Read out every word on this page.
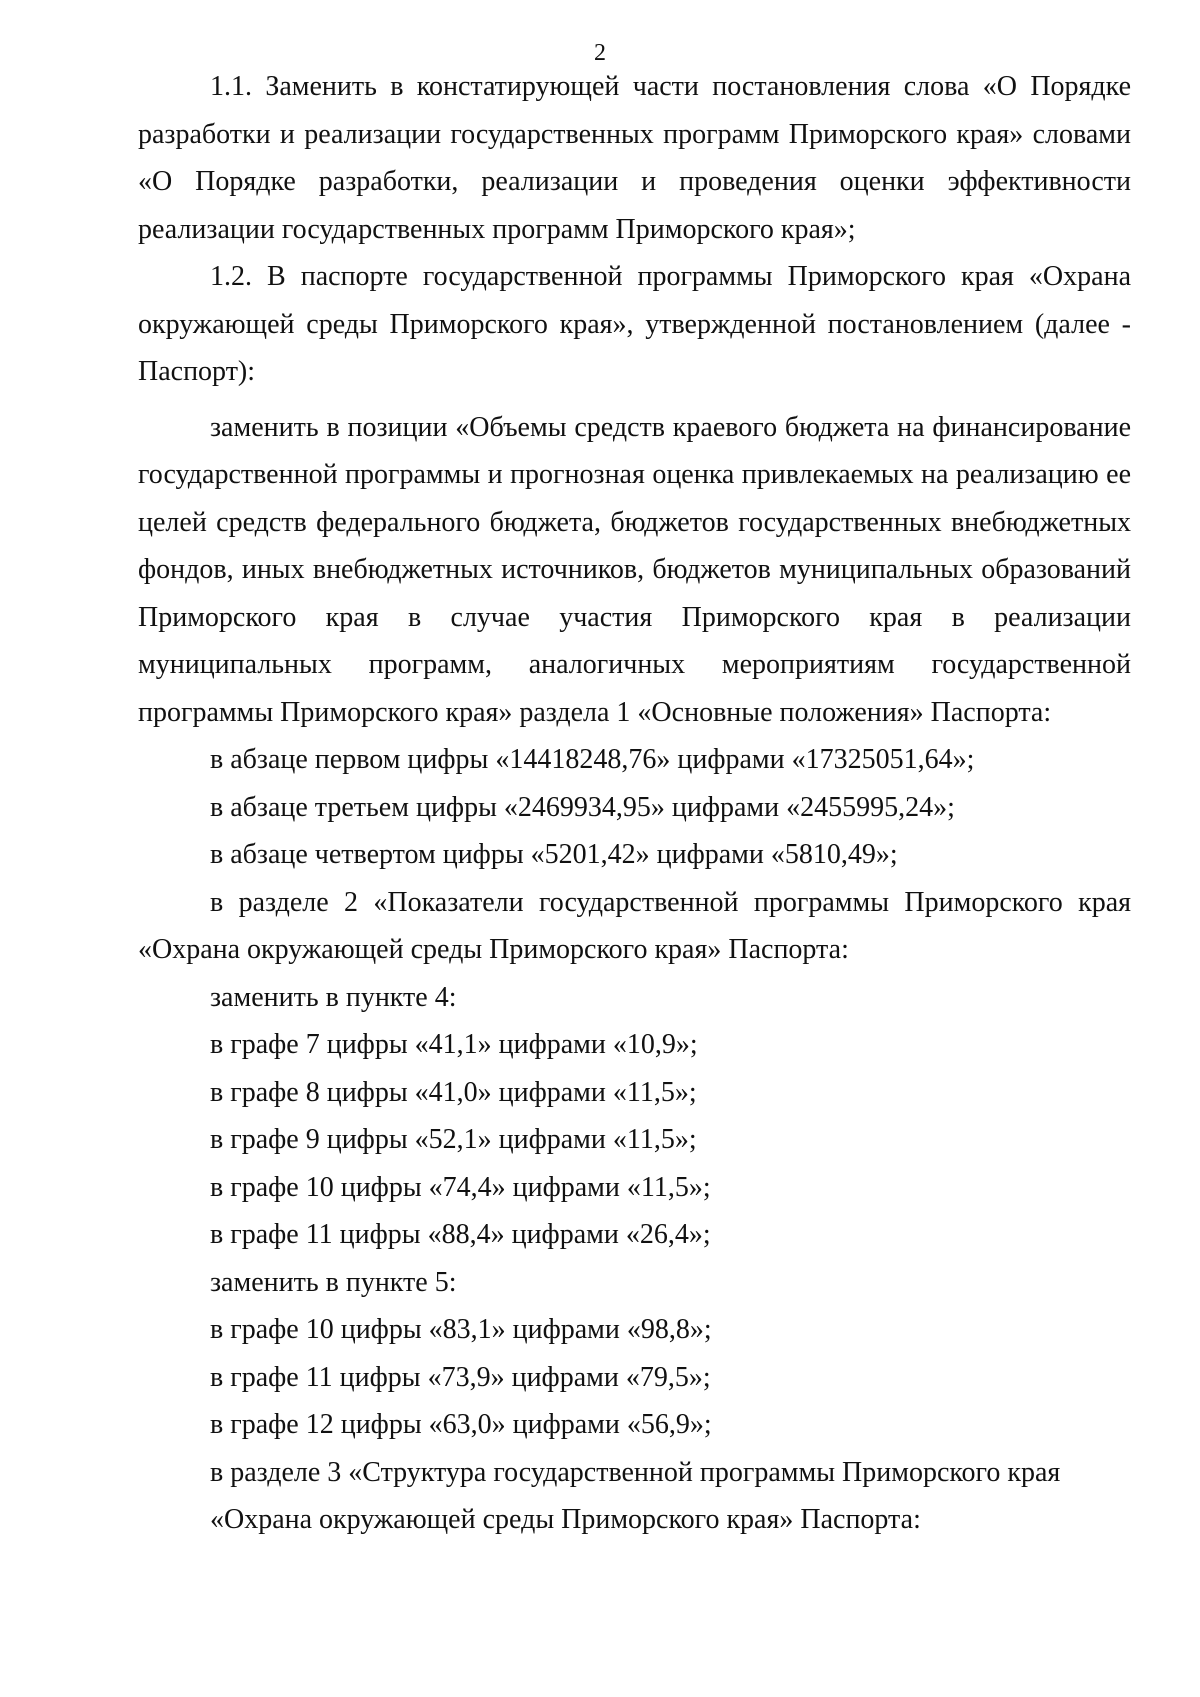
2

1.1. Заменить в констатирующей части постановления слова «О Порядке разработки и реализации государственных программ Приморского края» словами «О Порядке разработки, реализации и проведения оценки эффективности реализации государственных программ Приморского края»;

1.2. В паспорте государственной программы Приморского края «Охрана окружающей среды Приморского края», утвержденной постановлением (далее - Паспорт):

заменить в позиции «Объемы средств краевого бюджета на финансирование государственной программы и прогнозная оценка привлекаемых на реализацию ее целей средств федерального бюджета, бюджетов государственных внебюджетных фондов, иных внебюджетных источников, бюджетов муниципальных образований Приморского края в случае участия Приморского края в реализации муниципальных программ, аналогичных мероприятиям государственной программы Приморского края» раздела 1 «Основные положения» Паспорта:

в абзаце первом цифры «14418248,76» цифрами «17325051,64»;

в абзаце третьем цифры «2469934,95» цифрами «2455995,24»;

в абзаце четвертом цифры «5201,42» цифрами «5810,49»;

в разделе 2 «Показатели государственной программы Приморского края «Охрана окружающей среды Приморского края» Паспорта:

заменить в пункте 4:

в графе 7 цифры «41,1» цифрами «10,9»;

в графе 8 цифры «41,0» цифрами «11,5»;

в графе 9 цифры «52,1» цифрами «11,5»;

в графе 10 цифры «74,4» цифрами «11,5»;

в графе 11 цифры «88,4» цифрами «26,4»;

заменить в пункте 5:

в графе 10 цифры «83,1» цифрами «98,8»;

в графе 11 цифры «73,9» цифрами «79,5»;

в графе 12 цифры «63,0» цифрами «56,9»;

в разделе 3 «Структура государственной программы Приморского края «Охрана окружающей среды Приморского края» Паспорта:
